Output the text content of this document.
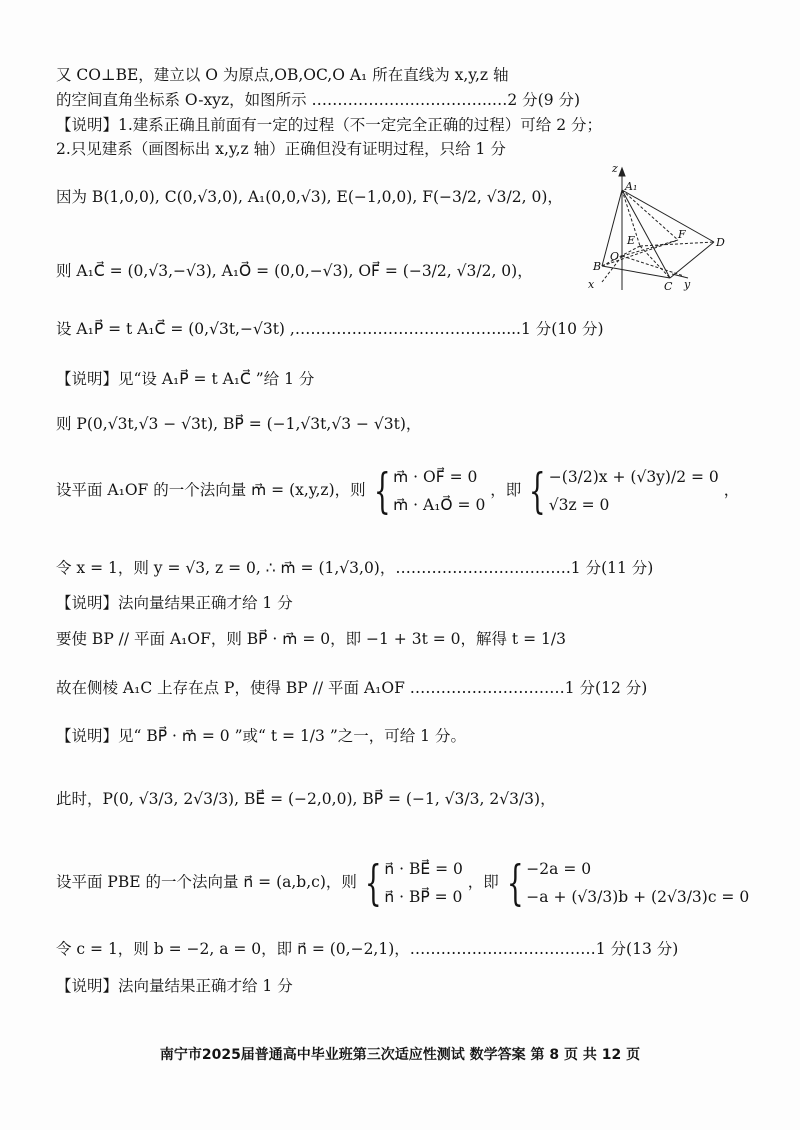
又 CO⊥BE，建立以 O 为原点,OB,OC,O A₁ 所在直线为 x,y,z 轴
的空间直角坐标系 O-xyz，如图所示 ……………………………..…2 分(9 分)
【说明】1.建系正确且前面有一定的过程（不一定完全正确的过程）可给 2 分；
2.只见建系（画图标出 x,y,z 轴）正确但没有证明过程，只给 1 分
因为 B(1,0,0), C(0,√3,0), A₁(0,0,√3), E(−1,0,0), F(−3/2, √3/2, 0)，
则 A₁C⃗ = (0,√3,−√3), A₁O⃗ = (0,0,−√3), OF⃗ = (−3/2, √3/2, 0)，
设 A₁P⃗ = t A₁C⃗ = (0,√3t,−√3t) ,………………………………….....1 分(10 分)
【说明】见“设 A₁P⃗ = t A₁C⃗ ”给 1 分
则 P(0,√3t,√3 − √3t), BP⃗ = (−1,√3t,√3 − √3t)，
设平面 A₁OF 的一个法向量 m⃗ = (x,y,z)，则 { m⃗ · OF⃗ = 0
m⃗ · A₁O⃗ = 0
，即 { −(3/2)x + (√3y)/2 = 0
√3z = 0
，
令 x = 1，则 y = √3, z = 0, ∴ m⃗ = (1,√3,0)，…………………………….1 分(11 分)
【说明】法向量结果正确才给 1 分
要使 BP // 平面 A₁OF，则 BP⃗ · m⃗ = 0，即 −1 + 3t = 0，解得 t = 1/3
故在侧棱 A₁C 上存在点 P，使得 BP // 平面 A₁OF …………………………1 分(12 分)
【说明】见“ BP⃗ · m⃗ = 0 ”或“ t = 1/3 ”之一，可给 1 分。
此时，P(0, √3/3, 2√3/3), BE⃗ = (−2,0,0), BP⃗ = (−1, √3/3, 2√3/3)，
设平面 PBE 的一个法向量 n⃗ = (a,b,c)，则 { n⃗ · BE⃗ = 0
n⃗ · BP⃗ = 0
，即 { −2a = 0
−a + (√3/3)b + (2√3/3)c = 0
令 c = 1，则 b = −2, a = 0，即 n⃗ = (0,−2,1)，………………………………1 分(13 分)
【说明】法向量结果正确才给 1 分
z
A₁
E	F
D
O
B
C
x	y
南宁市2025届普通高中毕业班第三次适应性测试 数学答案 第 8 页 共 12 页
